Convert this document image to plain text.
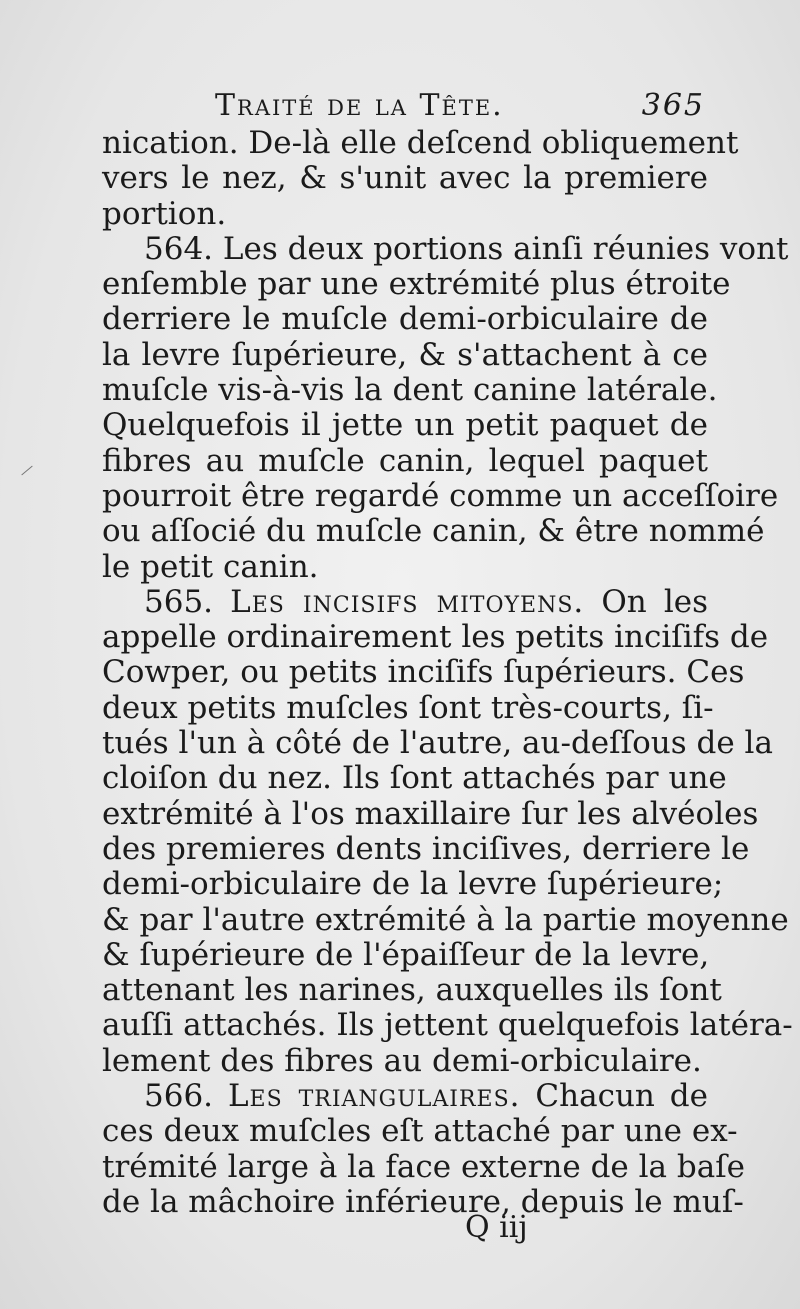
Traité de la Tête.	365
nication. De-là elle deſcend obliquement
vers le nez, & s'unit avec la premiere
portion.
564. Les deux portions ainſi réunies vont
enſemble par une extrémité plus étroite
derriere le muſcle demi-orbiculaire de
la levre ſupérieure, & s'attachent à ce
muſcle vis-à-vis la dent canine latérale.
Quelquefois il jette un petit paquet de
fibres au muſcle canin, lequel paquet
pourroit être regardé comme un acceſſoire
ou aſſocié du muſcle canin, & être nommé
le petit canin.
565. Les incisifs mitoyens. On les
appelle ordinairement les petits inciſifs de
Cowper, ou petits inciſifs ſupérieurs. Ces
deux petits muſcles ſont très-courts, ſi-
tués l'un à côté de l'autre, au-deſſous de la
cloiſon du nez. Ils ſont attachés par une
extrémité à l'os maxillaire ſur les alvéoles
des premieres dents inciſives, derriere le
demi-orbiculaire de la levre ſupérieure;
& par l'autre extrémité à la partie moyenne
& ſupérieure de l'épaiſſeur de la levre,
attenant les narines, auxquelles ils ſont
auſſi attachés. Ils jettent quelquefois latéra-
lement des fibres au demi-orbiculaire.
566. Les triangulaires. Chacun de
ces deux muſcles eſt attaché par une ex-
trémité large à la face externe de la baſe
de la mâchoire inférieure, depuis le muſ-
Q iij
